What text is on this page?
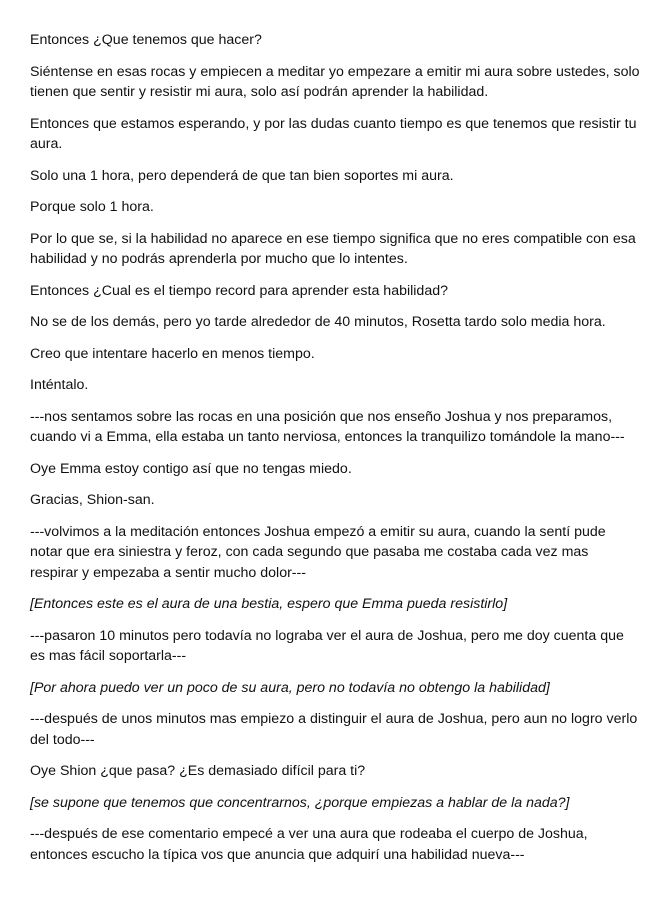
Entonces ¿Que tenemos que hacer?

Siéntense en esas rocas y empiecen a meditar yo empezare a emitir mi aura sobre ustedes, solo tienen que sentir y resistir mi aura, solo así podrán aprender la habilidad.

Entonces que estamos esperando, y por las dudas cuanto tiempo es que tenemos que resistir tu aura.

Solo una 1 hora, pero dependerá de que tan bien soportes mi aura.

Porque solo 1 hora.

Por lo que se, si la habilidad no aparece en ese tiempo significa que no eres compatible con esa habilidad y no podrás aprenderla por mucho que lo intentes.

Entonces ¿Cual es el tiempo record para aprender esta habilidad?

No se de los demás, pero yo tarde alrededor de 40 minutos, Rosetta tardo solo media hora.

Creo que intentare hacerlo en menos tiempo.

Inténtalo.

---nos sentamos sobre las rocas en una posición que nos enseño Joshua y nos preparamos, cuando vi a Emma, ella estaba un tanto nerviosa, entonces la tranquilizo tomándole la mano---

Oye Emma estoy contigo así que no tengas miedo.

Gracias, Shion-san.

---volvimos a la meditación entonces Joshua empezó a emitir su aura, cuando la sentí pude notar que era siniestra y feroz, con cada segundo que pasaba me costaba cada vez mas respirar y empezaba a sentir mucho dolor---

[Entonces este es el aura de una bestia, espero que Emma pueda resistirlo]

---pasaron 10 minutos pero todavía no lograba ver el aura de Joshua, pero me doy cuenta que es mas fácil soportarla---

[Por ahora puedo ver un poco de su aura, pero no todavía no obtengo la habilidad]

---después de unos minutos mas empiezo a distinguir el aura de Joshua, pero aun no logro verlo del todo---

Oye Shion ¿que pasa? ¿Es demasiado difícil para ti?

[se supone que tenemos que concentrarnos, ¿porque empiezas a hablar de la nada?]

---después de ese comentario empecé a ver una aura que rodeaba el cuerpo de Joshua, entonces escucho la típica vos que anuncia que adquirí una habilidad nueva---
